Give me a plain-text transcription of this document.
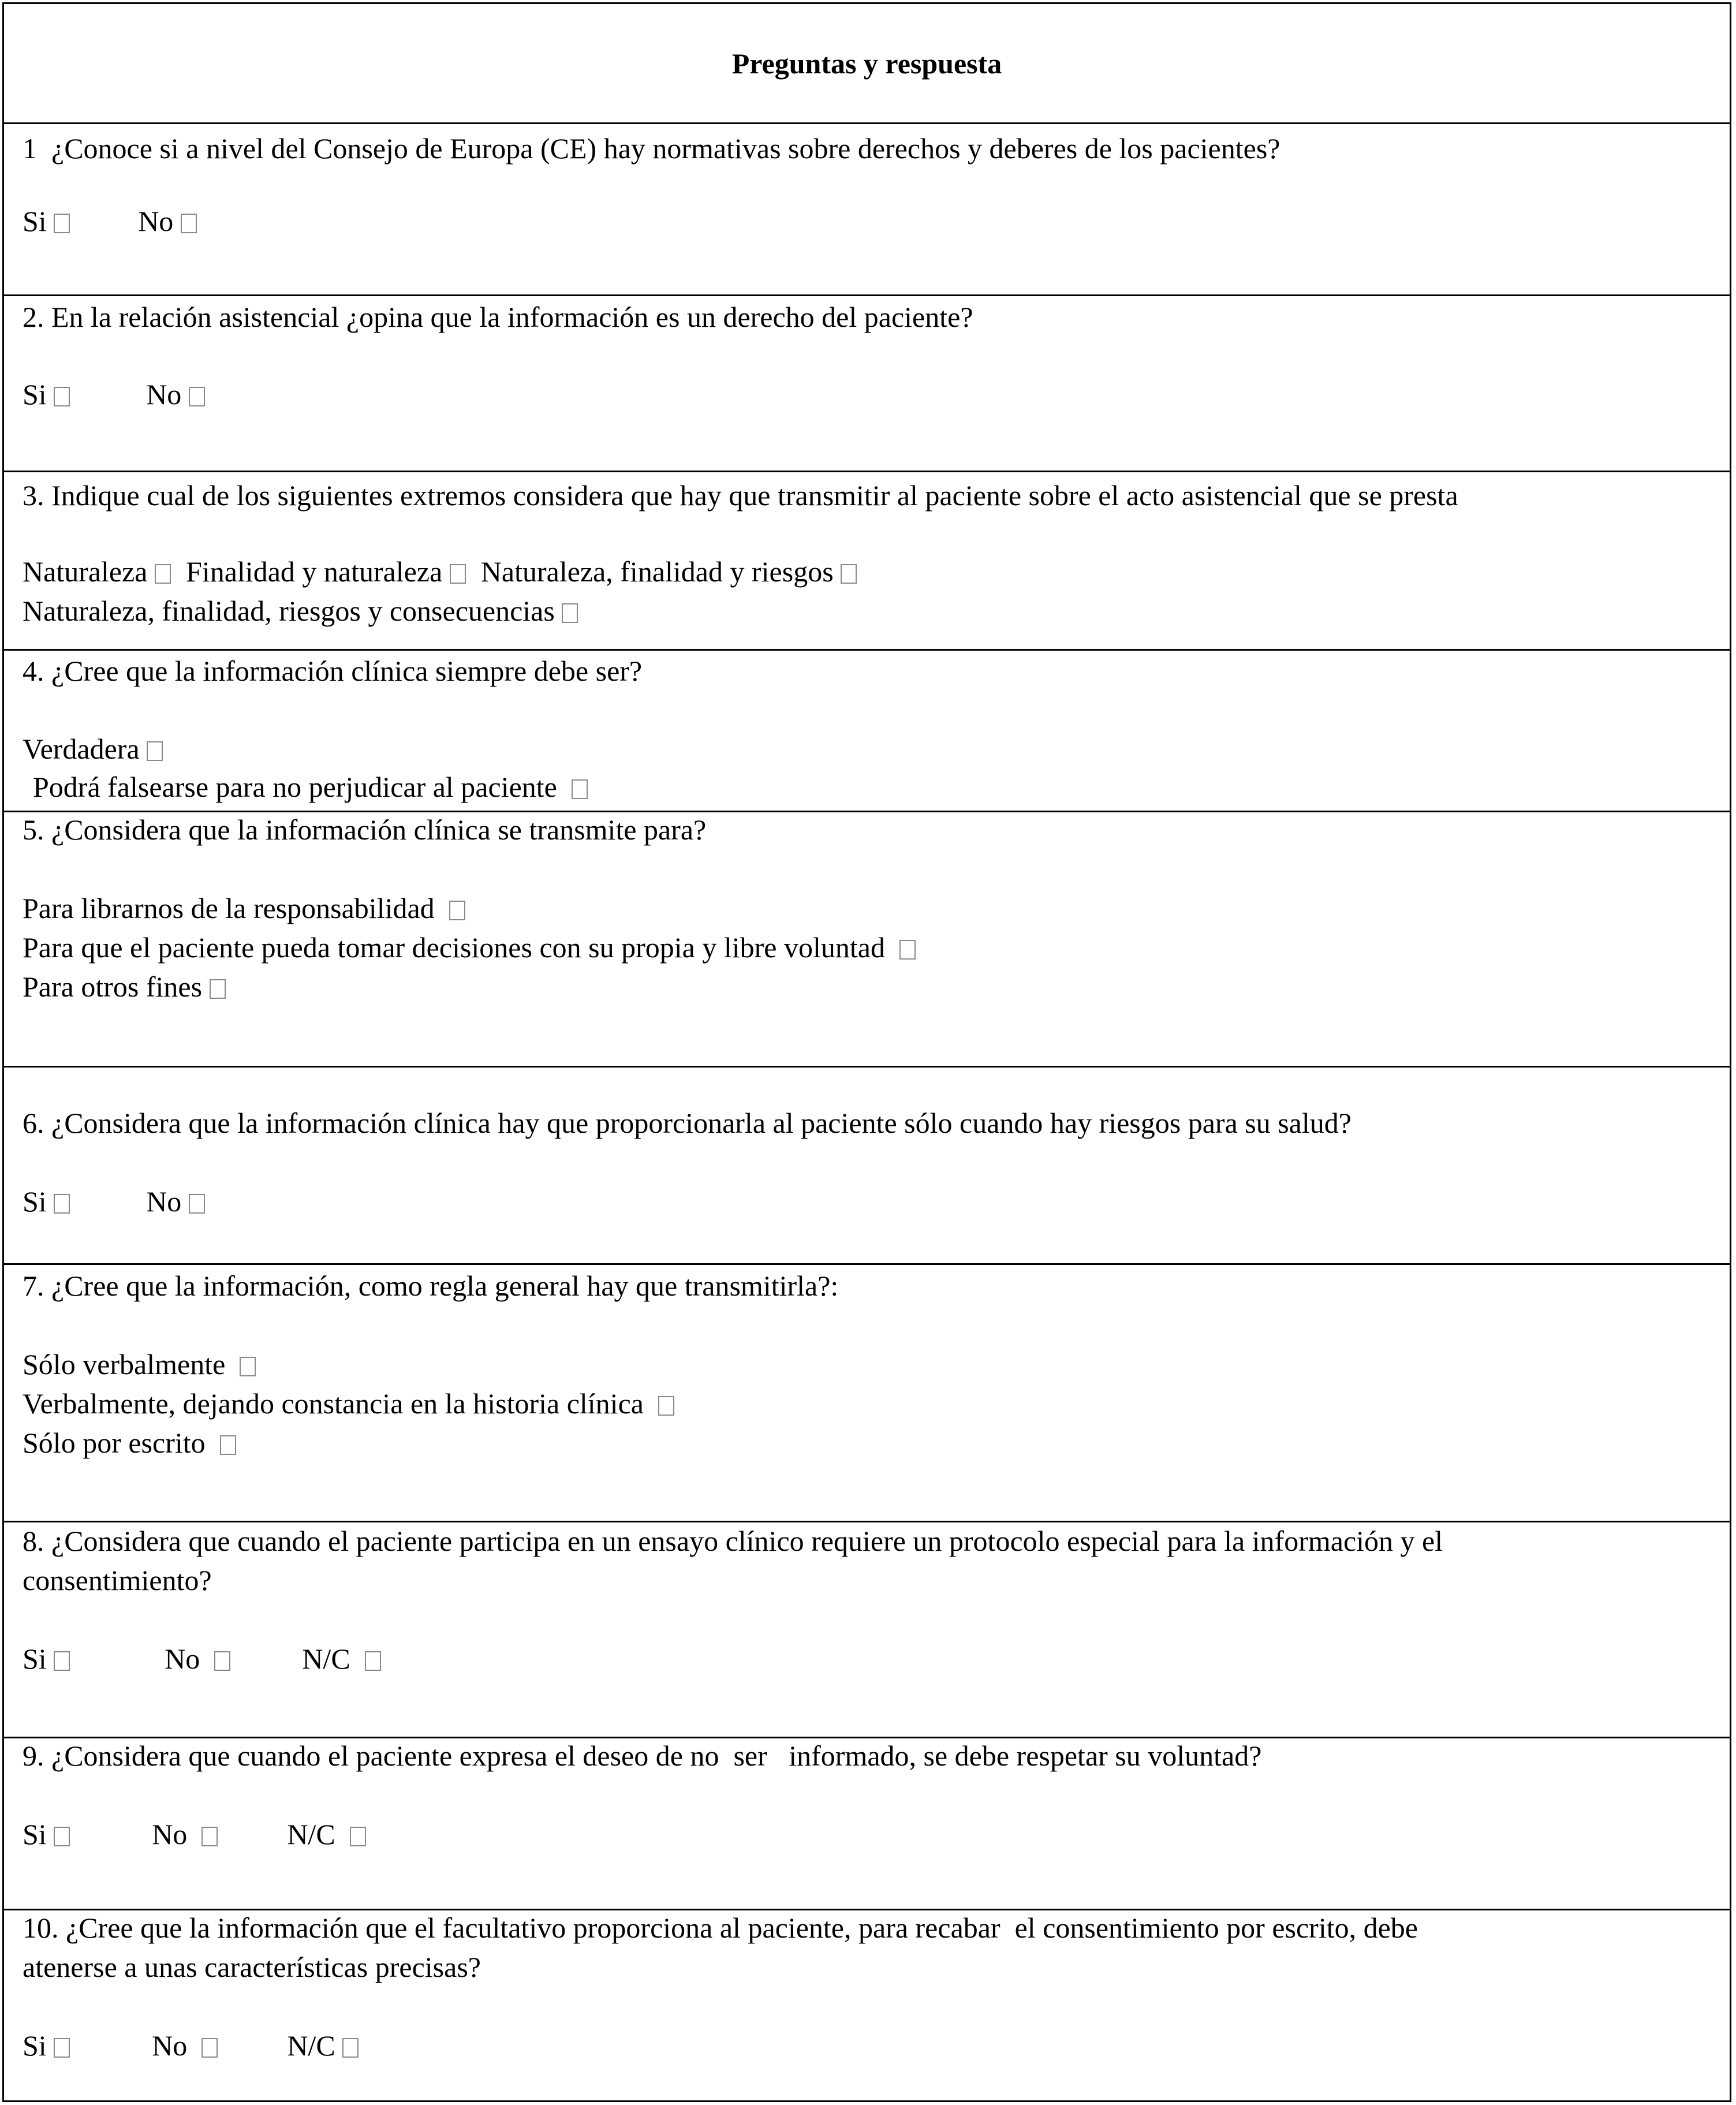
Preguntas y respuesta
1  ¿Conoce si a nivel del Consejo de Europa (CE) hay normativas sobre derechos y deberes de los pacientes?
Si	No
2. En la relación asistencial ¿opina que la información es un derecho del paciente?
Si	No
3. Indique cual de los siguientes extremos considera que hay que transmitir al paciente sobre el acto asistencial que se presta
Naturaleza Finalidad y naturaleza Naturaleza, finalidad y riesgos
Naturaleza, finalidad, riesgos y consecuencias
4. ¿Cree que la información clínica siempre debe ser?
Verdadera
Podrá falsearse para no perjudicar al paciente
5. ¿Considera que la información clínica se transmite para?
Para librarnos de la responsabilidad
Para que el paciente pueda tomar decisiones con su propia y libre voluntad
Para otros fines
6. ¿Considera que la información clínica hay que proporcionarla al paciente sólo cuando hay riesgos para su salud?
Si	No
7. ¿Cree que la información, como regla general hay que transmitirla?:
Sólo verbalmente
Verbalmente, dejando constancia en la historia clínica
Sólo por escrito
8. ¿Considera que cuando el paciente participa en un ensayo clínico requiere un protocolo especial para la información y el
consentimiento?
Si	No	N/C
9. ¿Considera que cuando el paciente expresa el deseo de no  ser   informado, se debe respetar su voluntad?
Si	No	N/C
10. ¿Cree que la información que el facultativo proporciona al paciente, para recabar  el consentimiento por escrito, debe
atenerse a unas características precisas?
Si	No	N/C
